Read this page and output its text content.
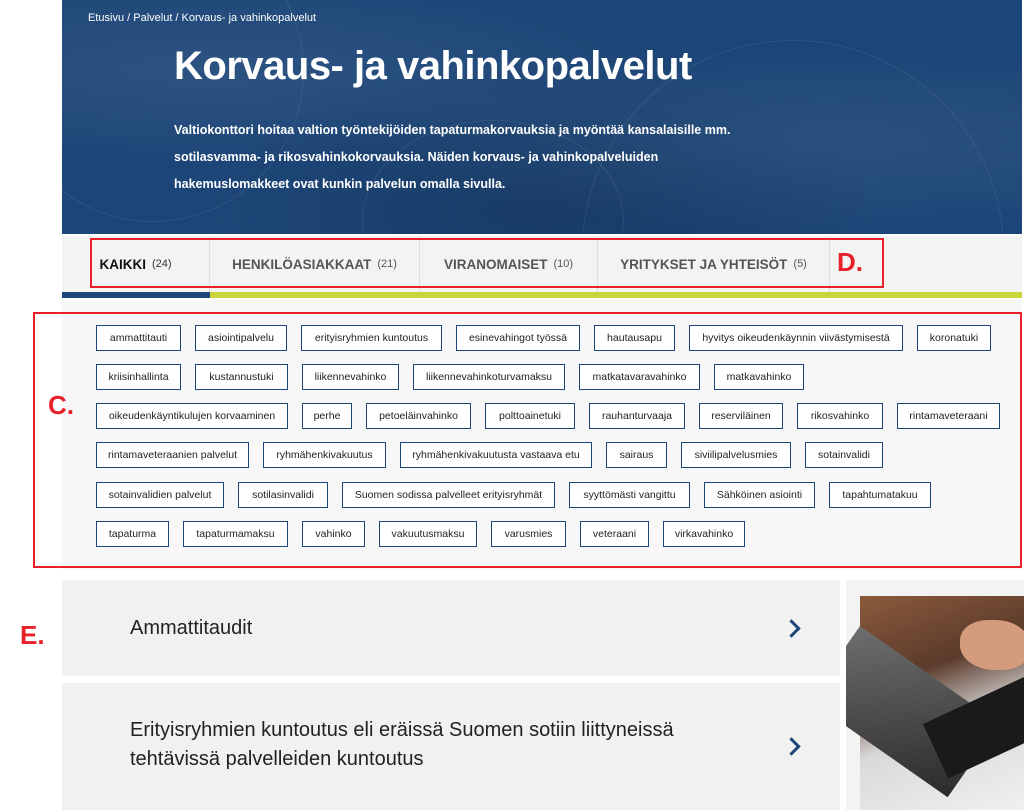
Etusivu / Palvelut / Korvaus- ja vahinkopalvelut
Korvaus- ja vahinkopalvelut

Valtiokonttori hoitaa valtion työntekijöiden tapaturmakorvauksia ja myöntää kansalaisille mm.
sotilasvamma- ja rikosvahinkokorvauksia. Näiden korvaus- ja vahinkopalveluiden
hakemuslomakkeet ovat kunkin palvelun omalla sivulla.

KAIKKI (24)	HENKILÖASIAKKAAT (21)	VIRANOMAISET (10)	YRITYKSET JA YHTEISÖT (5)
ammattitauti	asiointipalvelu	erityisryhmien kuntoutus	esinevahingot työssä	hautausapu	hyvitys oikeudenkäynnin viivästymisestä	koronatuki
kriisinhallinta	kustannustuki	liikennevahinko	liikennevahinkoturvamaksu	matkatavaravahinko	matkavahinko
oikeudenkäyntikulujen korvaaminen	perhe	petoeläinvahinko	polttoainetuki	rauhanturvaaja	reserviläinen	rikosvahinko	rintamaveteraani
rintamaveteraanien palvelut	ryhmähenkivakuutus	ryhmähenkivakuutusta vastaava etu	sairaus	siviilipalvelusmies	sotainvalidi
sotainvalidien palvelut	sotilasinvalidi	Suomen sodissa palvelleet erityisryhmät	syyttömästi vangittu	Sähköinen asiointi	tapahtumatakuu
tapaturma	tapaturmamaksu	vahinko	vakuutusmaksu	varusmies	veteraani	virkavahinko
Ammattitaudit
Erityisryhmien kuntoutus eli eräissä Suomen sotiin liittyneissä
tehtävissä palvelleiden kuntoutus
D.
C.
E.
